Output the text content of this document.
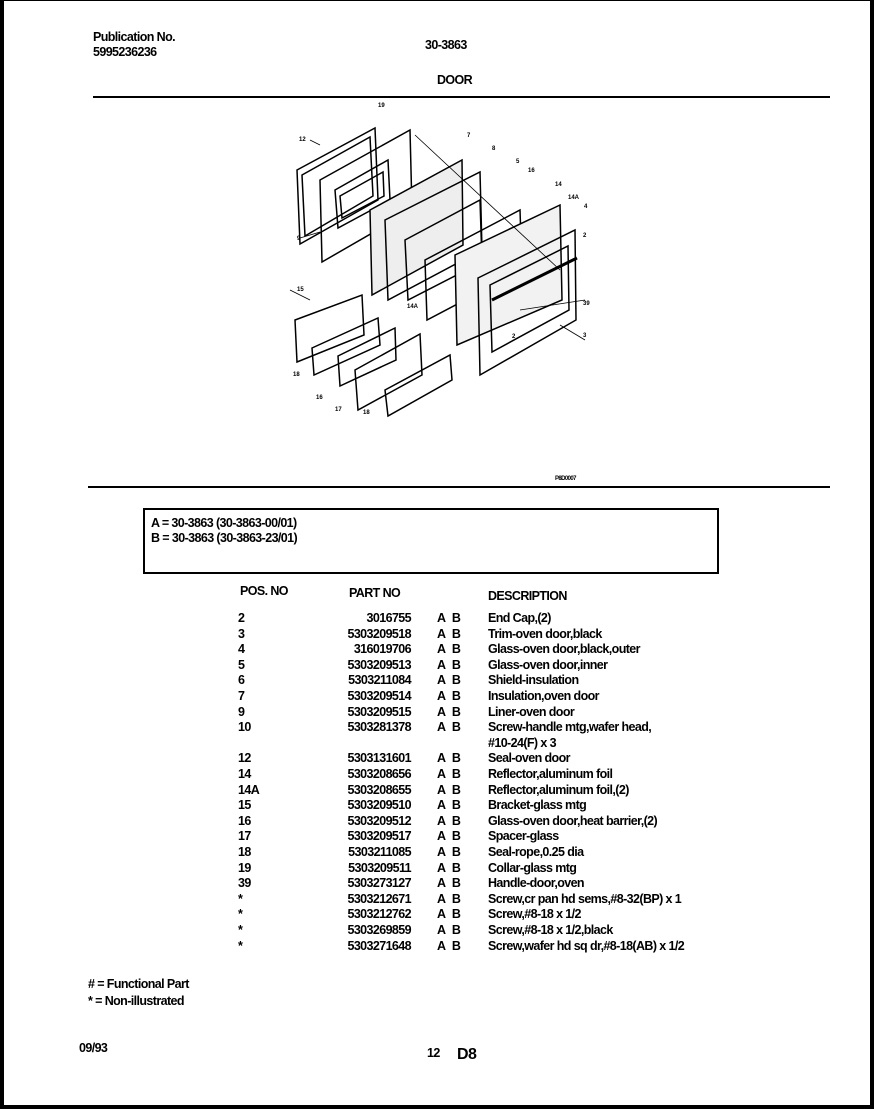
Publication No.
5995236236	30-3863
DOOR
12
19
9
7
8
5
16
14
14A
4
2
39
3
2
15
14A
18
16
17	18
P8D0007
A = 30-3863 (30-3863-00/01)
B = 30-3863 (30-3863-23/01)
POS. NO	PART NO	DESCRIPTION
2	3016755 A B End Cap,(2)
3	5303209518 A B Trim-oven door,black
4	316019706 A B Glass-oven door,black,outer
5	5303209513 A B Glass-oven door,inner
6	5303211084 A B Shield-insulation
7	5303209514 A B Insulation,oven door
9	5303209515 A B Liner-oven door
10	5303281378 A B Screw-handle mtg,wafer head,
#10-24(F) x 3
12	5303131601 A B Seal-oven door
14	5303208656 A B Reflector,aluminum foil
14A	5303208655 A B Reflector,aluminum foil,(2)
15	5303209510 A B Bracket-glass mtg
16	5303209512 A B Glass-oven door,heat barrier,(2)
17	5303209517 A B Spacer-glass
18	5303211085 A B Seal-rope,0.25 dia
19	5303209511 A B Collar-glass mtg
39	5303273127 A B Handle-door,oven
*	5303212671 A B Screw,cr pan hd sems,#8-32(BP) x 1
*	5303212762 A B Screw,#8-18 x 1/2
*	5303269859 A B Screw,#8-18 x 1/2,black
*	5303271648 A B Screw,wafer hd sq dr,#8-18(AB) x 1/2
# = Functional Part
* = Non-illustrated
09/93	12 D8
